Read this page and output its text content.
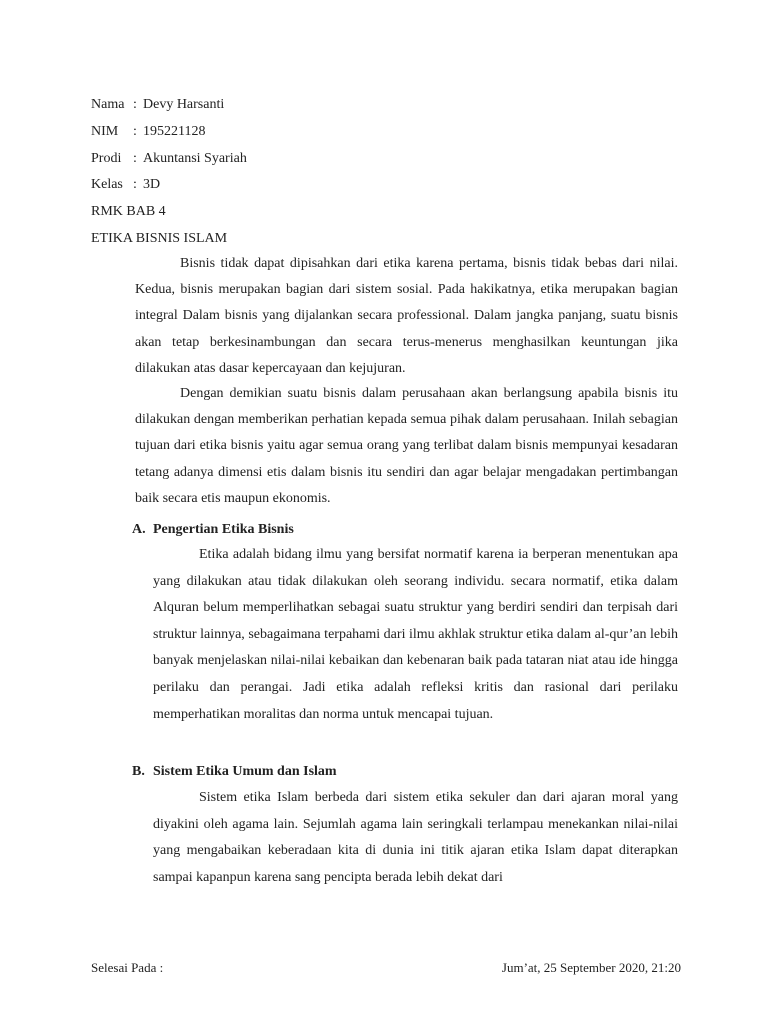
Nama : Devy Harsanti
NIM	: 195221128
Prodi : Akuntansi Syariah
Kelas : 3D
RMK BAB 4
ETIKA BISNIS ISLAM

Bisnis tidak dapat dipisahkan dari etika karena pertama, bisnis tidak bebas dari nilai. Kedua, bisnis merupakan bagian dari sistem sosial. Pada hakikatnya, etika merupakan bagian integral Dalam bisnis yang dijalankan secara professional. Dalam jangka panjang, suatu bisnis akan tetap berkesinambungan dan secara terus-menerus menghasilkan keuntungan jika dilakukan atas dasar kepercayaan dan kejujuran.

Dengan demikian suatu bisnis dalam perusahaan akan berlangsung apabila bisnis itu dilakukan dengan memberikan perhatian kepada semua pihak dalam perusahaan. Inilah sebagian tujuan dari etika bisnis yaitu agar semua orang yang terlibat dalam bisnis mempunyai kesadaran tetang adanya dimensi etis dalam bisnis itu sendiri dan agar belajar mengadakan pertimbangan baik secara etis maupun ekonomis.

A. Pengertian Etika Bisnis

Etika adalah bidang ilmu yang bersifat normatif karena ia berperan menentukan apa yang dilakukan atau tidak dilakukan oleh seorang individu. secara normatif, etika dalam Alquran belum memperlihatkan sebagai suatu struktur yang berdiri sendiri dan terpisah dari struktur lainnya, sebagaimana terpahami dari ilmu akhlak struktur etika dalam al-qur’an lebih banyak menjelaskan nilai-nilai kebaikan dan kebenaran baik pada tataran niat atau ide hingga perilaku dan perangai. Jadi etika adalah refleksi kritis dan rasional dari perilaku memperhatikan moralitas dan norma untuk mencapai tujuan.

B. Sistem Etika Umum dan Islam

Sistem etika Islam berbeda dari sistem etika sekuler dan dari ajaran moral yang diyakini oleh agama lain. Sejumlah agama lain seringkali terlampau menekankan nilai-nilai yang mengabaikan keberadaan kita di dunia ini titik ajaran etika Islam dapat diterapkan sampai kapanpun karena sang pencipta berada lebih dekat dari

Selesai Pada :	Jum’at, 25 September 2020, 21:20
